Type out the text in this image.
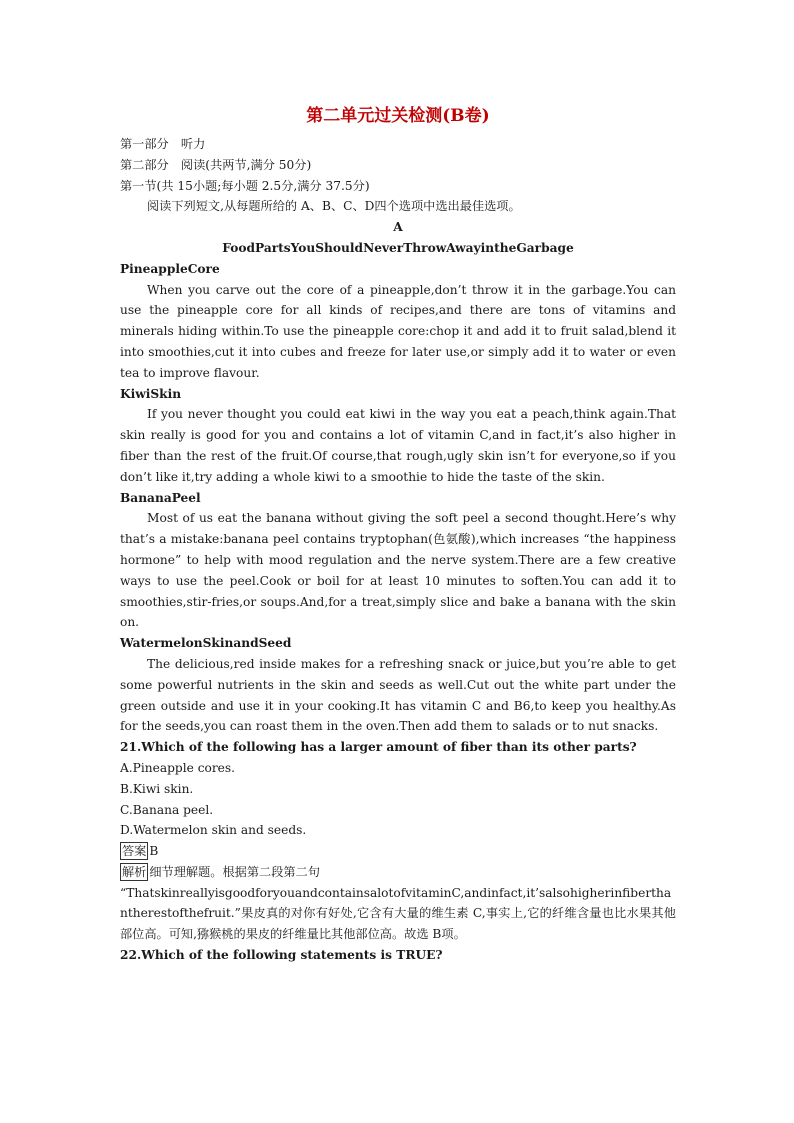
第二单元过关检测(B卷)

第一部分　听力

第二部分　阅读(共两节,满分 50分)

第一节(共 15小题;每小题 2.5分,满分 37.5分)

阅读下列短文,从每题所给的 A、B、C、D四个选项中选出最佳选项。

A

FoodPartsYouShouldNeverThrowAwayintheGarbage

PineappleCore

When you carve out the core of a pineapple,don’t throw it in the garbage.You can use the pineapple core for all kinds of recipes,and there are tons of vitamins and minerals hiding within.To use the pineapple core:chop it and add it to fruit salad,blend it into smoothies,cut it into cubes and freeze for later use,or simply add it to water or even tea to improve flavour.

KiwiSkin

If you never thought you could eat kiwi in the way you eat a peach,think again.That skin really is good for you and contains a lot of vitamin C,and in fact,it’s also higher in fiber than the rest of the fruit.Of course,that rough,ugly skin isn’t for everyone,so if you don’t like it,try adding a whole kiwi to a smoothie to hide the taste of the skin.

BananaPeel

Most of us eat the banana without giving the soft peel a second thought.Here’s why that’s a mistake:banana peel contains tryptophan(色氨酸),which increases “the happiness hormone” to help with mood regulation and the nerve system.There are a few creative ways to use the peel.Cook or boil for at least 10 minutes to soften.You can add it to smoothies,stir-fries,or soups.And,for a treat,simply slice and bake a banana with the skin on.

WatermelonSkinandSeed

The delicious,red inside makes for a refreshing snack or juice,but you’re able to get some powerful nutrients in the skin and seeds as well.Cut out the white part under the green outside and use it in your cooking.It has vitamin C and B6,to keep you healthy.As for the seeds,you can roast them in the oven.Then add them to salads or to nut snacks.

21.Which of the following has a larger amount of fiber than its other parts?

A.Pineapple cores.

B.Kiwi skin.

C.Banana peel.

D.Watermelon skin and seeds.

答案 B

解析 细节理解题。根据第二段第二句

“ThatskinreallyisgoodforyouandcontainsalotofvitaminC,andinfact,it’salsohigherinfiberthantherestofthefruit.”果皮真的对你有好处,它含有大量的维生素 C,事实上,它的纤维含量也比水果其他部位高。可知,猕猴桃的果皮的纤维量比其他部位高。故选 B项。

22.Which of the following statements is TRUE?
